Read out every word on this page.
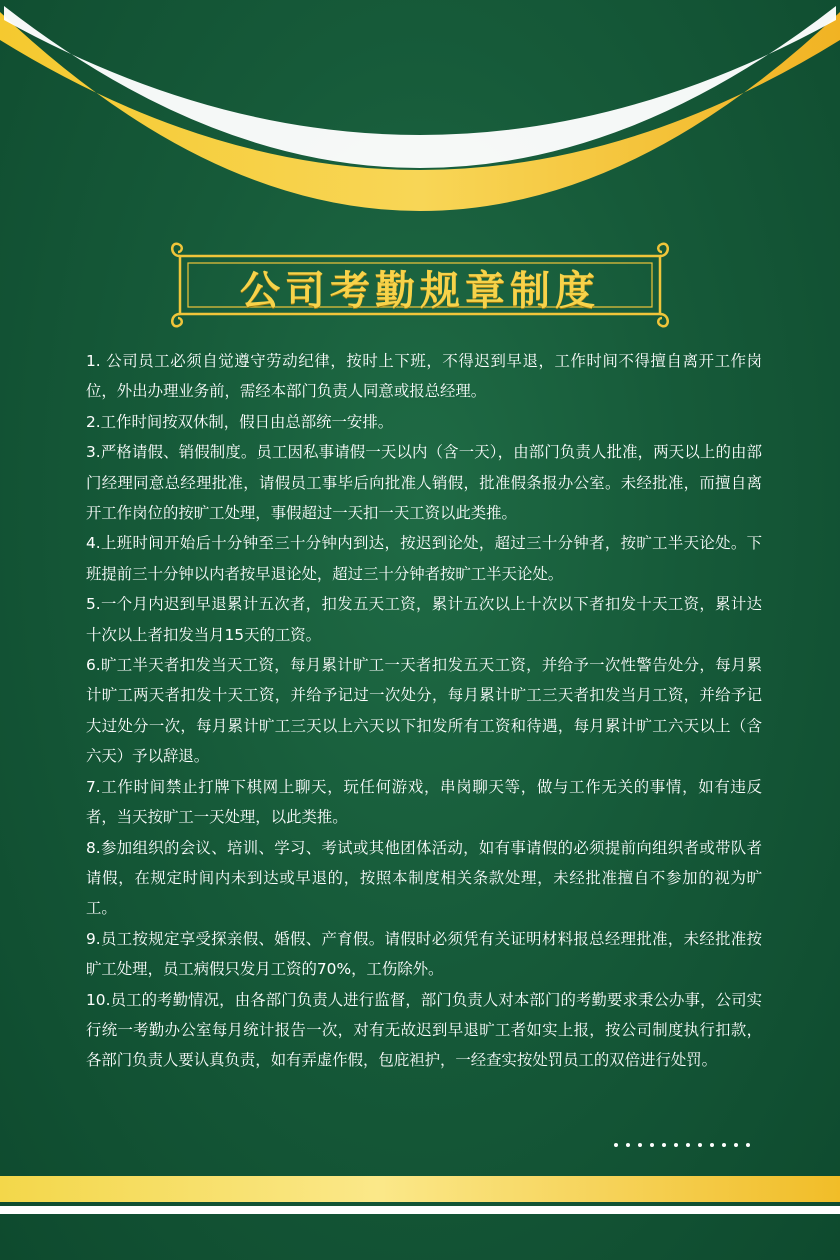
公司考勤规章制度

1. 公司员工必须自觉遵守劳动纪律，按时上下班，不得迟到早退，工作时间不得擅自离开工作岗位，外出办理业务前，需经本部门负责人同意或报总经理。

2.工作时间按双休制，假日由总部统一安排。

3.严格请假、销假制度。员工因私事请假一天以内（含一天），由部门负责人批准，两天以上的由部门经理同意总经理批准，请假员工事毕后向批准人销假，批准假条报办公室。未经批准，而擅自离开工作岗位的按旷工处理，事假超过一天扣一天工资以此类推。

4.上班时间开始后十分钟至三十分钟内到达，按迟到论处，超过三十分钟者，按旷工半天论处。下班提前三十分钟以内者按早退论处，超过三十分钟者按旷工半天论处。

5.一个月内迟到早退累计五次者，扣发五天工资，累计五次以上十次以下者扣发十天工资，累计达十次以上者扣发当月15天的工资。

6.旷工半天者扣发当天工资，每月累计旷工一天者扣发五天工资，并给予一次性警告处分，每月累计旷工两天者扣发十天工资，并给予记过一次处分，每月累计旷工三天者扣发当月工资，并给予记大过处分一次，每月累计旷工三天以上六天以下扣发所有工资和待遇，每月累计旷工六天以上（含六天）予以辞退。

7.工作时间禁止打牌下棋网上聊天，玩任何游戏，串岗聊天等，做与工作无关的事情，如有违反者，当天按旷工一天处理，以此类推。

8.参加组织的会议、培训、学习、考试或其他团体活动，如有事请假的必须提前向组织者或带队者请假，在规定时间内未到达或早退的，按照本制度相关条款处理，未经批准擅自不参加的视为旷工。

9.员工按规定享受探亲假、婚假、产育假。请假时必须凭有关证明材料报总经理批准，未经批准按旷工处理，员工病假只发月工资的70%，工伤除外。

10.员工的考勤情况，由各部门负责人进行监督，部门负责人对本部门的考勤要求秉公办事，公司实行统一考勤办公室每月统计报告一次，对有无故迟到早退旷工者如实上报，按公司制度执行扣款，各部门负责人要认真负责，如有弄虚作假，包庇袒护，一经查实按处罚员工的双倍进行处罚。
